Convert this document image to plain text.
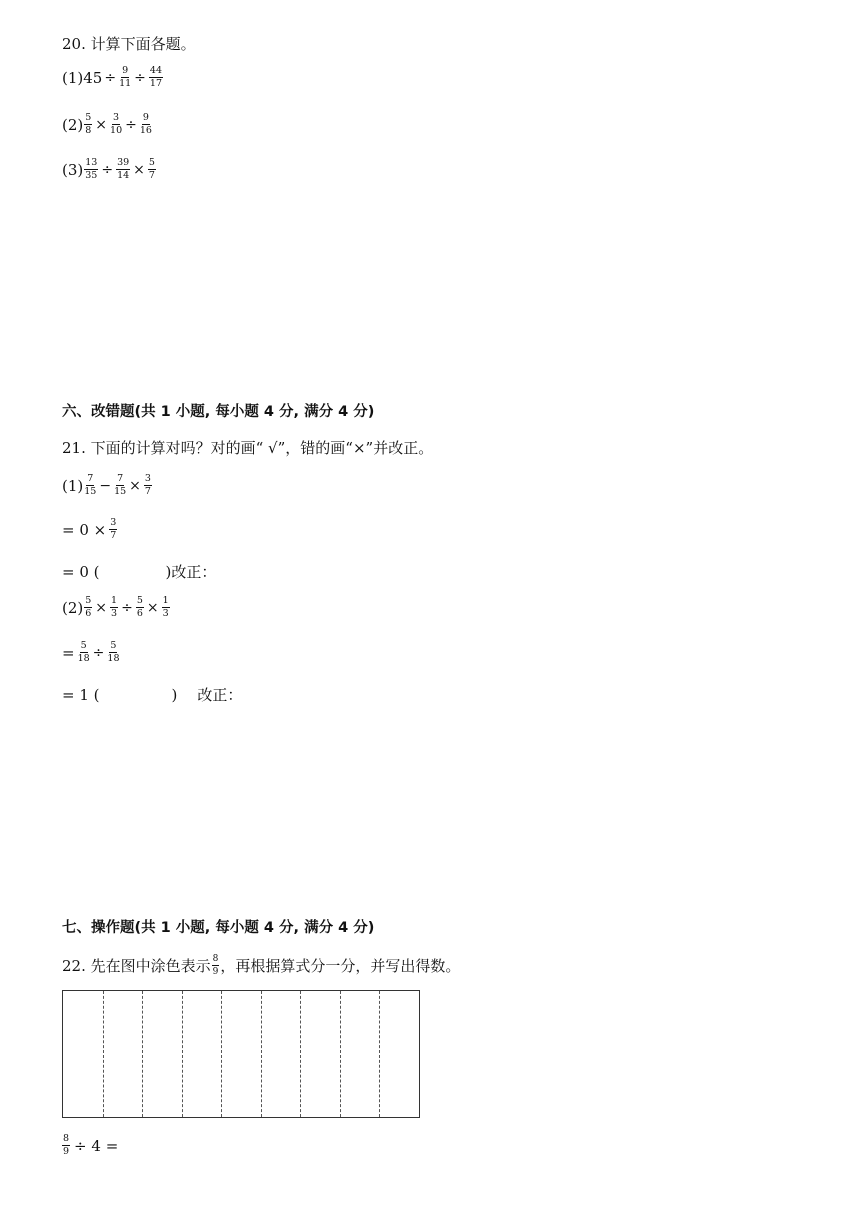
20. 计算下面各题。
(1) $45 \div \frac{9}{11} \div \frac{44}{17}$
$(2) \frac{5}{8} \times \frac{3}{10} \div \frac{9}{16}$
$(3) \frac{13}{35} \div \frac{39}{14} \times \frac{5}{7}$
六、改错题(共 1 小题, 每小题 4 分, 满分 4 分)
21. 下面的计算对吗？对的画“ √”，错的画“×”并改正。
$(1) \frac{7}{15} - \frac{7}{15} \times \frac{3}{7}$
= $0 \times \frac{3}{7}$
= 0 (	) 改正：
$(2) \frac{5}{6} \times \frac{1}{3} \div \frac{5}{6} \times \frac{1}{3}$
= $\frac{5}{18} \div \frac{5}{18}$
= 1 (	) 改正：
七、操作题(共 1 小题, 每小题 4 分, 满分 4 分)
22. 先在图中涂色表示 $\frac{8}{9}$ ，再根据算式分一分，并写出得数。
$\frac{8}{9} \div 4$ =
